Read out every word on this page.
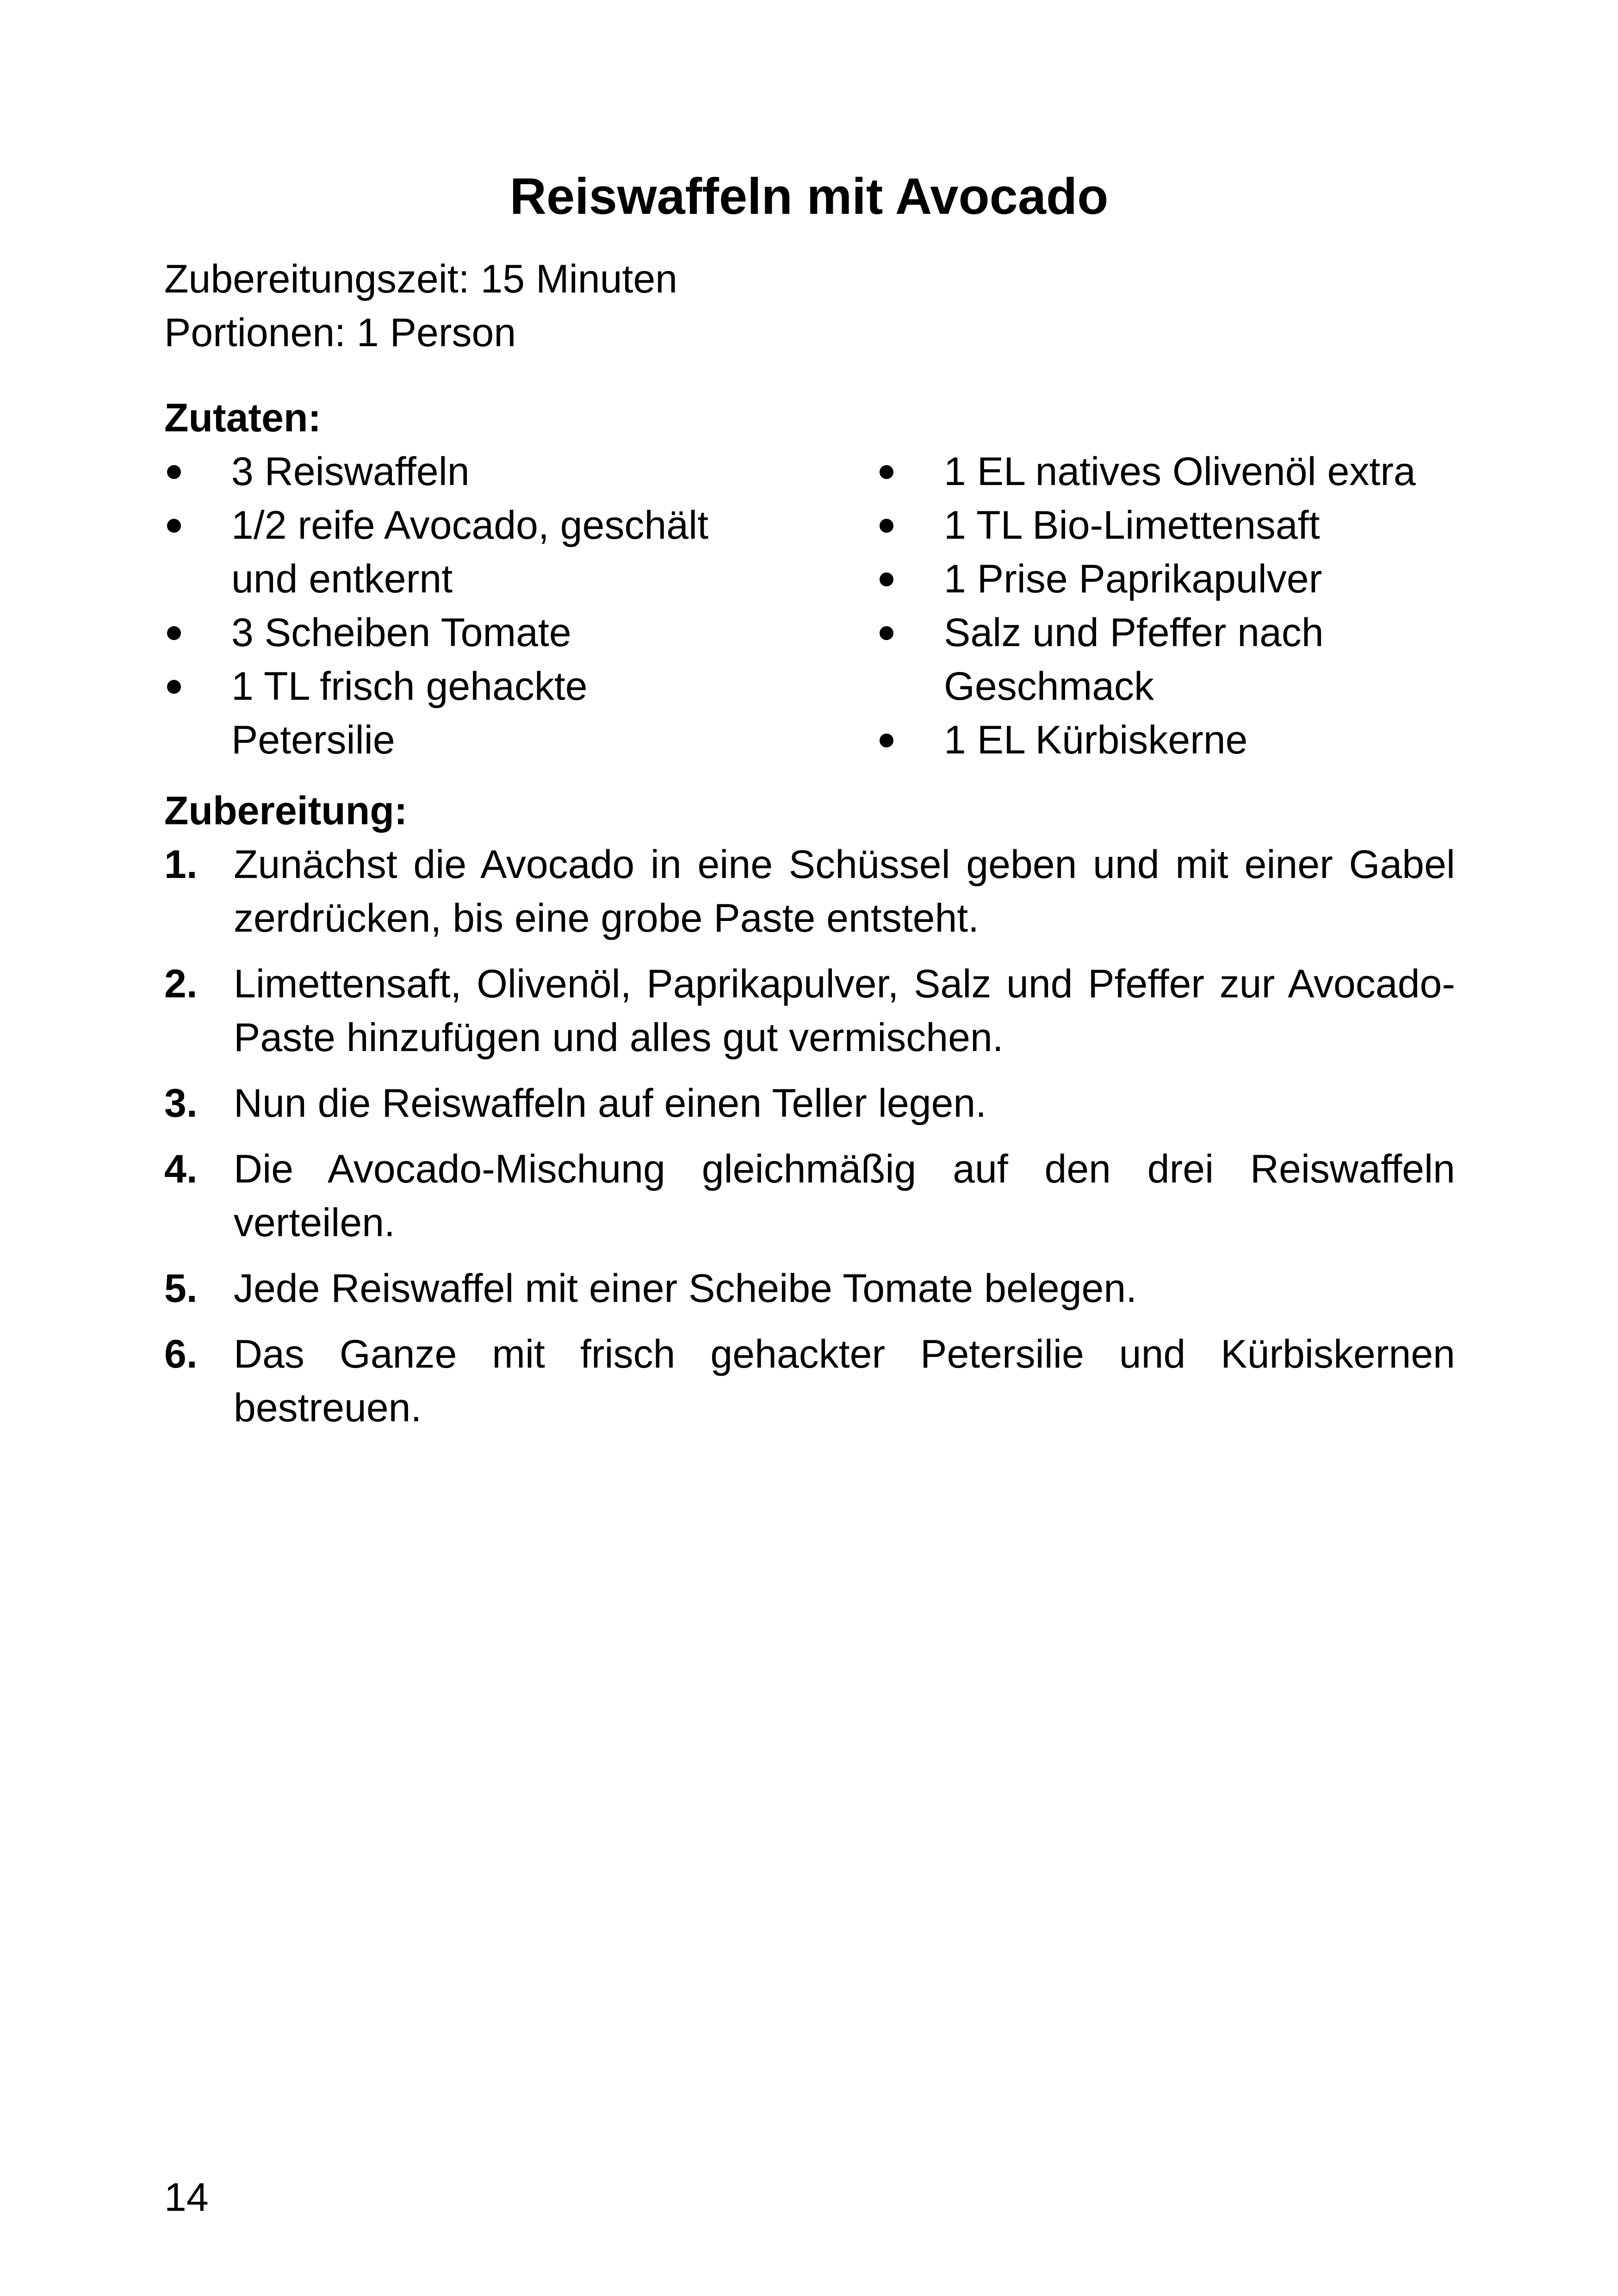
Reiswaffeln mit Avocado
Zubereitungszeit: 15 Minuten
Portionen: 1 Person
Zutaten:
3 Reiswaffeln
1/2 reife Avocado, geschält und entkernt
3 Scheiben Tomate
1 TL frisch gehackte Petersilie
1 EL natives Olivenöl extra
1 TL Bio-Limettensaft
1 Prise Paprikapulver
Salz und Pfeffer nach Geschmack
1 EL Kürbiskerne
Zubereitung:
1. Zunächst die Avocado in eine Schüssel geben und mit einer Gabel zerdrücken, bis eine grobe Paste entsteht.
2. Limettensaft, Olivenöl, Paprikapulver, Salz und Pfeffer zur Avocado-Paste hinzufügen und alles gut vermischen.
3. Nun die Reiswaffeln auf einen Teller legen.
4. Die Avocado-Mischung gleichmäßig auf den drei Reiswaffeln verteilen.
5. Jede Reiswaffel mit einer Scheibe Tomate belegen.
6. Das Ganze mit frisch gehackter Petersilie und Kürbiskernen bestreuen.
14
